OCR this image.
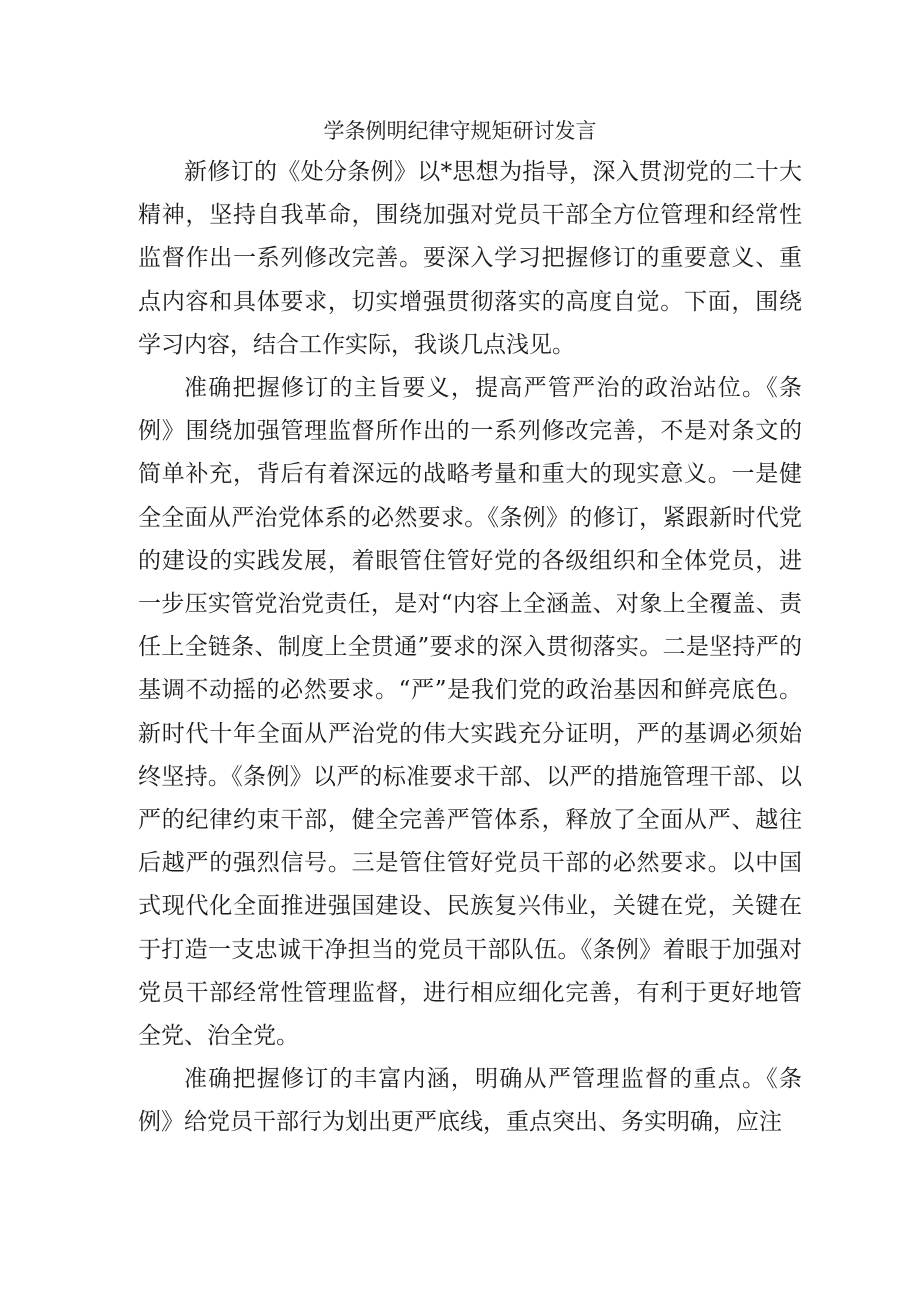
学条例明纪律守规矩研讨发言

新修订的《处分条例》以*思想为指导，深入贯沏党的二十大精神，坚持自我革命，围绕加强对党员干部全方位管理和经常性监督作出一系列修改完善。要深入学习把握修订的重要意义、重点内容和具体要求，切实增强贯彻落实的高度自觉。下面，围绕学习内容，结合工作实际，我谈几点浅见。

准确把握修订的主旨要义，提高严管严治的政治站位。《条例》围绕加强管理监督所作出的一系列修改完善，不是对条文的简单补充，背后有着深远的战略考量和重大的现实意义。一是健全全面从严治党体系的必然要求。《条例》的修订，紧跟新时代党的建设的实践发展，着眼管住管好党的各级组织和全体党员，进一步压实管党治党责任，是对“内容上全涵盖、对象上全覆盖、责任上全链条、制度上全贯通”要求的深入贯彻落实。二是坚持严的基调不动摇的必然要求。“严”是我们党的政治基因和鲜亮底色。新时代十年全面从严治党的伟大实践充分证明，严的基调必须始终坚持。《条例》以严的标准要求干部、以严的措施管理干部、以严的纪律约束干部，健全完善严管体系，释放了全面从严、越往后越严的强烈信号。三是管住管好党员干部的必然要求。以中国式现代化全面推进强国建设、民族复兴伟业，关键在党，关键在于打造一支忠诚干净担当的党员干部队伍。《条例》着眼于加强对党员干部经常性管理监督，进行相应细化完善，有利于更好地管全党、治全党。

准确把握修订的丰富内涵，明确从严管理监督的重点。《条例》给党员干部行为划出更严底线，重点突出、务实明确，应注
